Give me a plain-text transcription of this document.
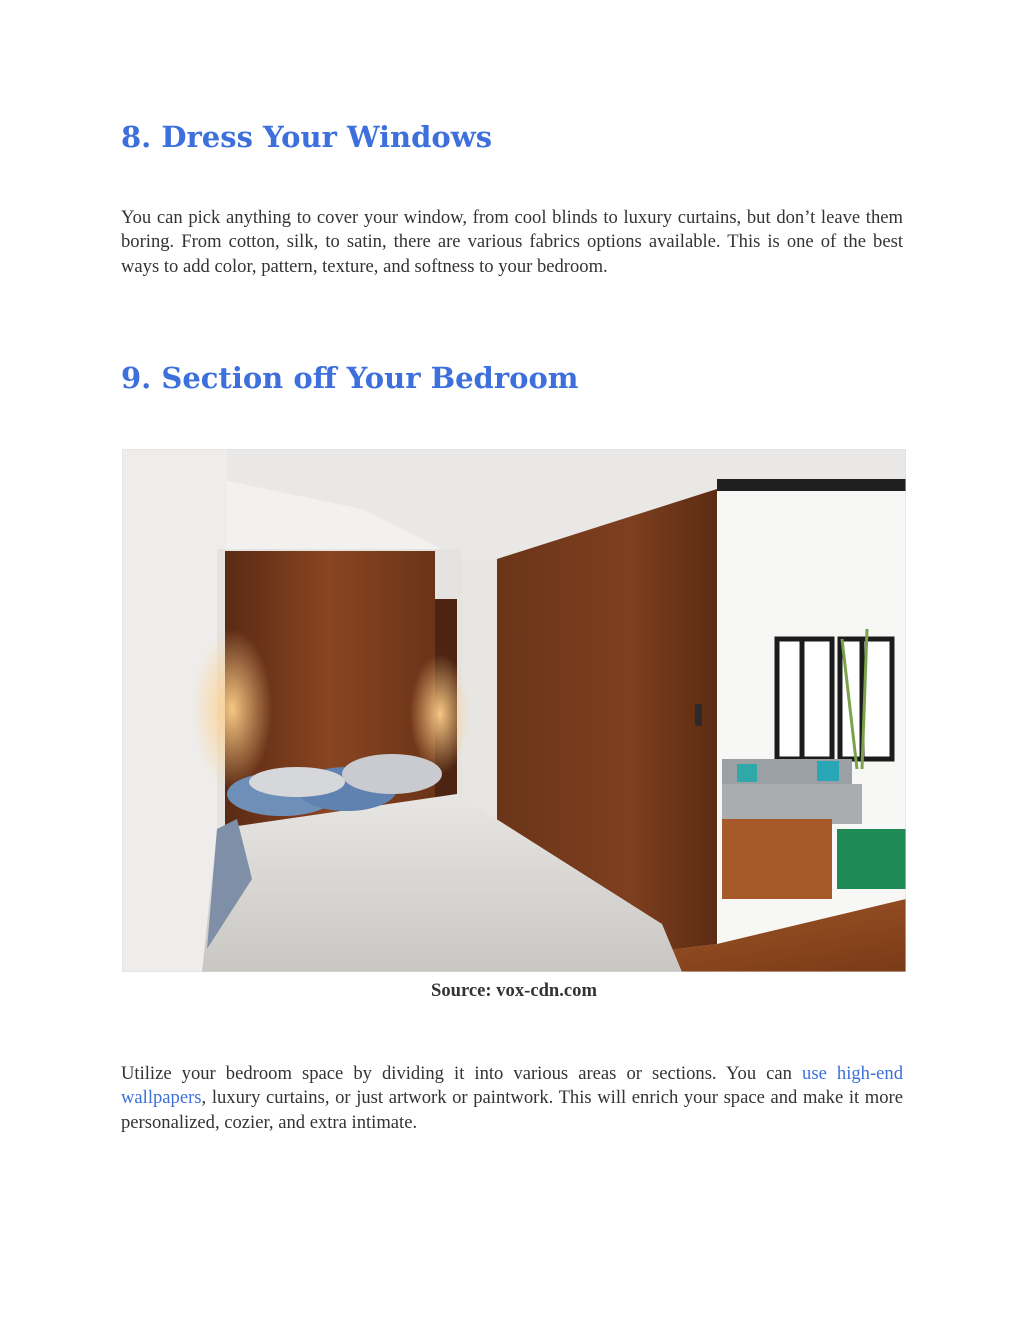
8. Dress Your Windows

You can pick anything to cover your window, from cool blinds to luxury curtains, but don’t leave them boring. From cotton, silk, to satin, there are various fabrics options available. This is one of the best ways to add color, pattern, texture, and softness to your bedroom.

9. Section off Your Bedroom

Source: vox-cdn.com

Utilize your bedroom space by dividing it into various areas or sections. You can use high-end wallpapers, luxury curtains, or just artwork or paintwork. This will enrich your space and make it more personalized, cozier, and extra intimate.
